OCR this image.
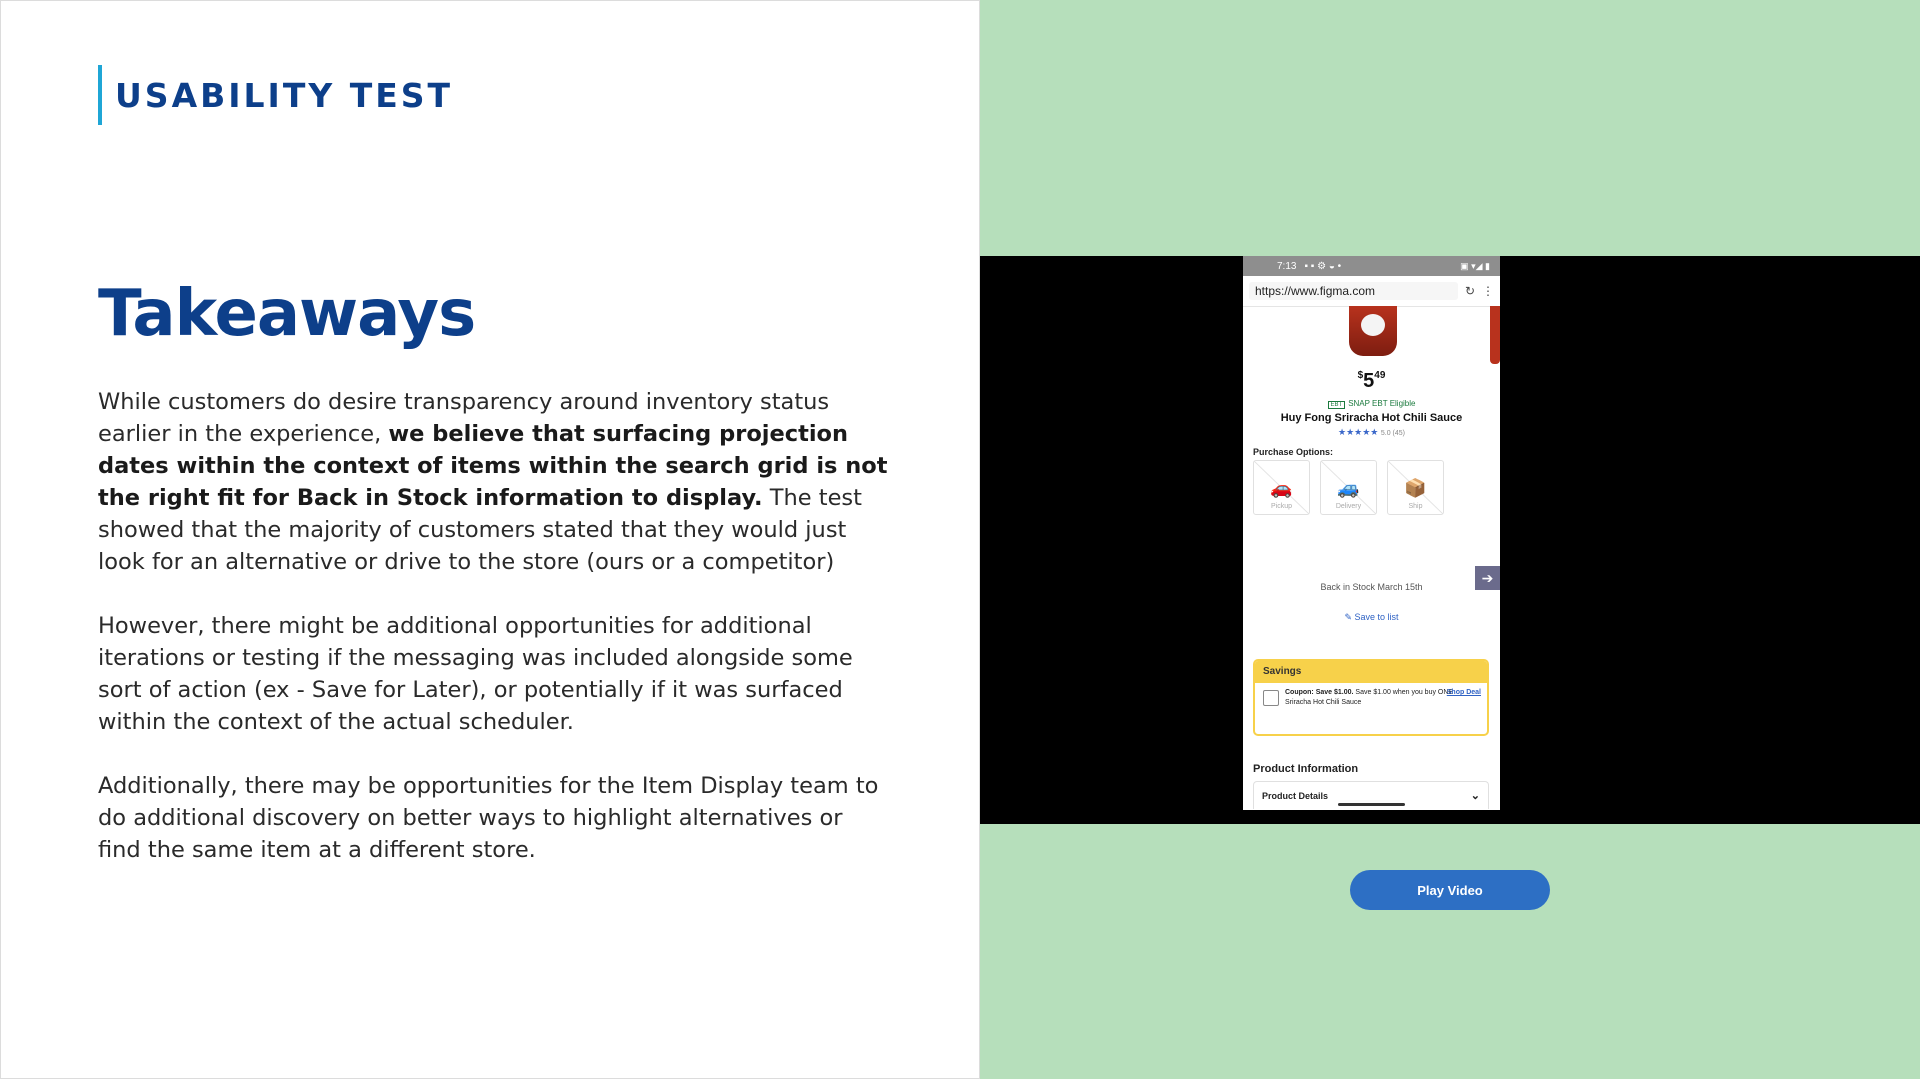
USABILITY TEST
Takeaways

While customers do desire transparency around inventory status earlier in the experience, we believe that surfacing projection dates within the context of items within the search grid is not the right fit for Back in Stock information to display. The test showed that the majority of customers stated that they would just look for an alternative or drive to the store (ours or a competitor)

However, there might be additional opportunities for additional iterations or testing if the messaging was included alongside some sort of action (ex - Save for Later), or potentially if it was surfaced within the context of the actual scheduler.

Additionally, there may be opportunities for the Item Display team to do additional discovery on better ways to highlight alternatives or find the same item at a different store.

7:13 ▪ ▪ ⚙ ◒ •	▣ ▾◢ ▮
https://www.figma.com	↻ ⋮
$^{\$}5^{49}$
EBT SNAP EBT Eligible
Huy Fong Sriracha Hot Chili Sauce
★★★★★ 5.0 (45)
Purchase Options:
🚗
Pickup
🚙
Delivery
📦
Ship
➔
Back in Stock March 15th
✎ Save to list
Savings
Coupon: Save $1.00. Save $1.00 when you buy ONE Sriracha Hot Chili Sauce
Shop Deal
Product Information
Product Details	⌄
Play Video
